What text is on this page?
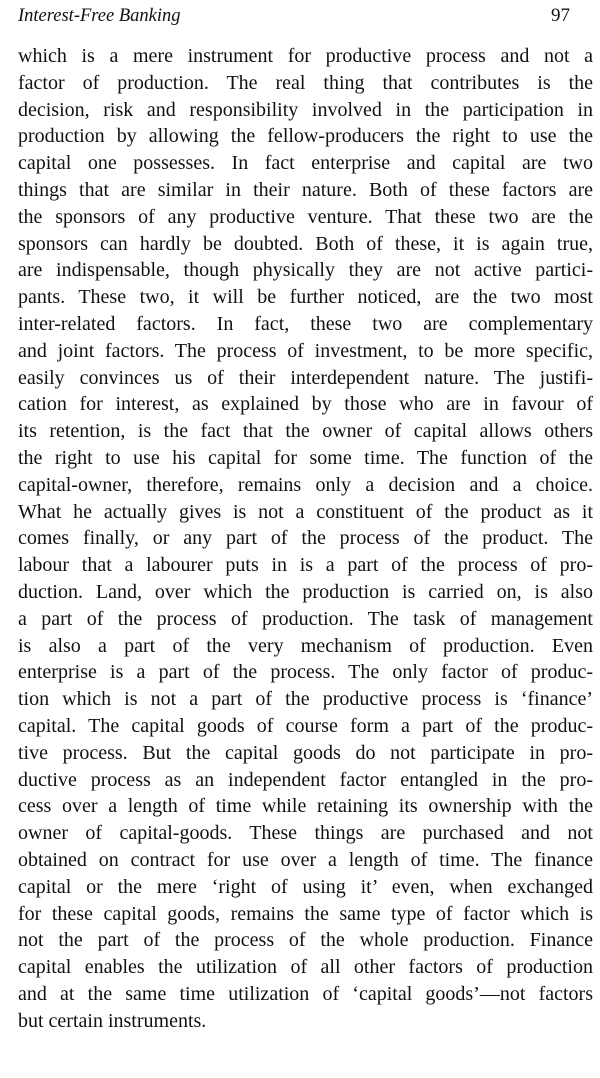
Interest-Free Banking	97
which is a mere instrument for productive process and not a
factor of production. The real thing that contributes is the
decision, risk and responsibility involved in the participation in
production by allowing the fellow-producers the right to use the
capital one possesses. In fact enterprise and capital are two
things that are similar in their nature. Both of these factors are
the sponsors of any productive venture. That these two are the
sponsors can hardly be doubted. Both of these, it is again true,
are indispensable, though physically they are not active partici-
pants. These two, it will be further noticed, are the two most
inter-related factors. In fact, these two are complementary
and joint factors. The process of investment, to be more specific,
easily convinces us of their interdependent nature. The justifi-
cation for interest, as explained by those who are in favour of
its retention, is the fact that the owner of capital allows others
the right to use his capital for some time. The function of the
capital-owner, therefore, remains only a decision and a choice.
What he actually gives is not a constituent of the product as it
comes finally, or any part of the process of the product. The
labour that a labourer puts in is a part of the process of pro-
duction. Land, over which the production is carried on, is also
a part of the process of production. The task of management
is also a part of the very mechanism of production. Even
enterprise is a part of the process. The only factor of produc-
tion which is not a part of the productive process is ‘finance’
capital. The capital goods of course form a part of the produc-
tive process. But the capital goods do not participate in pro-
ductive process as an independent factor entangled in the pro-
cess over a length of time while retaining its ownership with the
owner of capital-goods. These things are purchased and not
obtained on contract for use over a length of time. The finance
capital or the mere ‘right of using it’ even, when exchanged
for these capital goods, remains the same type of factor which is
not the part of the process of the whole production. Finance
capital enables the utilization of all other factors of production
and at the same time utilization of ‘capital goods’—not factors
but certain instruments.
